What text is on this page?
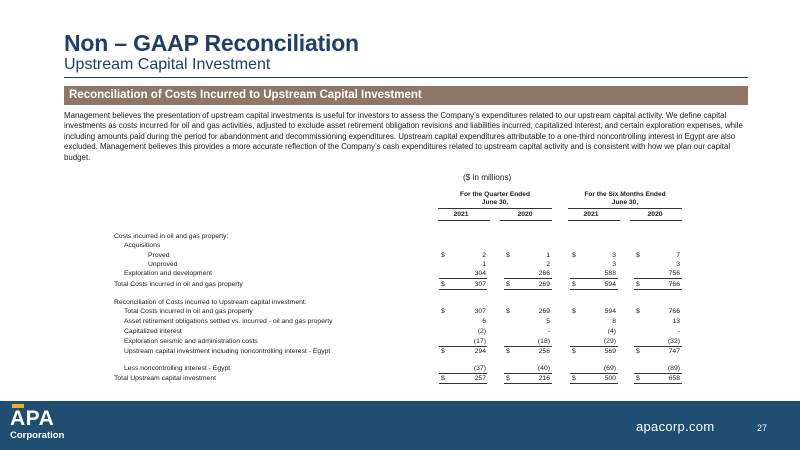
Non – GAAP Reconciliation
Upstream Capital Investment
Reconciliation of Costs Incurred to Upstream Capital Investment
Management believes the presentation of upstream capital investments is useful for investors to assess the Company’s expenditures related to our upstream capital activity. We define capital investments as costs incurred for oil and gas activities, adjusted to exclude asset retirement obligation revisions and liabilities incurred, capitalized interest, and certain exploration expenses, while including amounts paid during the period for abandonment and decommissioning expenditures. Upstream capital expenditures attributable to a one-third noncontrolling interest in Egypt are also excluded. Management believes this provides a more accurate reflection of the Company’s cash expenditures related to upstream capital activity and is consistent with how we plan our capital budget.
($ in millions)
For the Quarter Ended
June 30,
For the Six Months Ended
June 30,
2021	2020	2021	2020
Costs incurred in oil and gas property:
Acquisitions
Proved	$	2	$	1	$	3	$	7
Unproved	1	2	3	3
Exploration and development	304	266	588	756
Total Costs incurred in oil and gas property	$	307	$	269	$	594	$	766
Reconciliation of Costs incurred to Upstream capital investment:
Total Costs incurred in oil and gas property	$	307	$	269	$	594	$	766
Asset retirement obligations settled vs. incurred - oil and gas property	6	5	8	13
Capitalized interest	(2)	-	(4)	-
Exploration seismic and administration costs	(17)	(18)	(29)	(32)
Upstream capital investment including noncontrolling interest - Egypt	$	294	$	256	$	569	$	747
Less noncontrolling interest - Egypt	(37)	(40)	(69)	(89)
Total Upstream capital investment	$	257	$	216	$	500	$	658
APA
Corporation
apacorp.com	27
